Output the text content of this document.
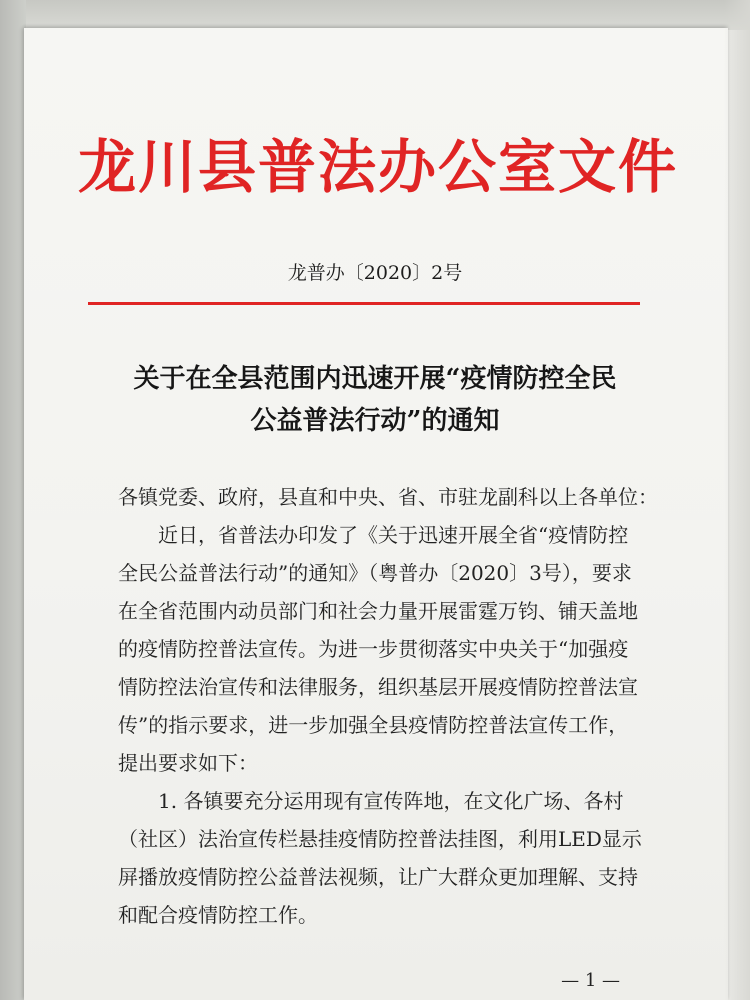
龙川县普法办公室文件
龙普办〔2020〕2号
关于在全县范围内迅速开展“疫情防控全民
公益普法行动”的通知

各镇党委、政府，县直和中央、省、市驻龙副科以上各单位：

近日，省普法办印发了《关于迅速开展全省“疫情防控全民公益普法行动”的通知》（粤普办〔2020〕3号），要求在全省范围内动员部门和社会力量开展雷霆万钧、铺天盖地的疫情防控普法宣传。为进一步贯彻落实中央关于“加强疫情防控法治宣传和法律服务，组织基层开展疫情防控普法宣传”的指示要求，进一步加强全县疫情防控普法宣传工作，提出要求如下：

1. 各镇要充分运用现有宣传阵地，在文化广场、各村（社区）法治宣传栏悬挂疫情防控普法挂图，利用LED显示屏播放疫情防控公益普法视频，让广大群众更加理解、支持和配合疫情防控工作。

— 1 —
